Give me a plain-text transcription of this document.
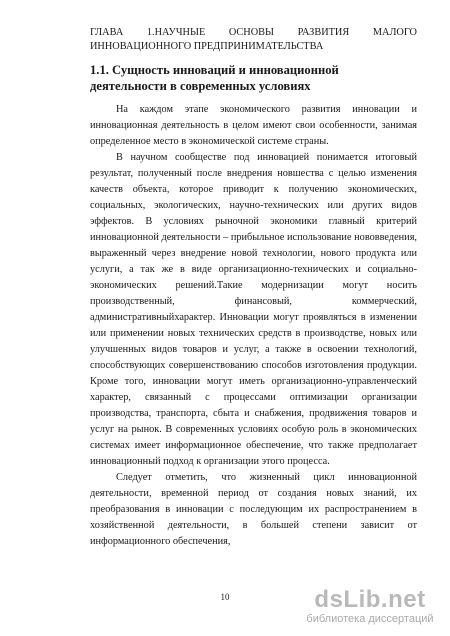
ГЛАВА 1.НАУЧНЫЕ ОСНОВЫ РАЗВИТИЯ МАЛОГО
ИННОВАЦИОННОГО ПРЕДПРИНИМАТЕЛЬСТВА
1.1. Сущность инноваций и инновационной деятельности в современных условиях

На каждом этапе экономического развития инновации и инновационная деятельность в целом имеют свои особенности, занимая определенное место в экономической системе страны.

В научном сообществе под инновацией понимается итоговый результат, полученный после внедрения новшества с целью изменения качеств объекта, которое приводит к получению экономических, социальных, экологических, научно-технических или других видов эффектов. В условиях рыночной экономики главный критерий инновационной деятельности – прибыльное использование нововведения, выраженный через внедрение новой технологии, нового продукта или услуги, а так же в виде организационно-технических и социально-экономических решений.Такие модернизации могут носить производственный, финансовый, коммерческий, административныйхарактер. Инновации могут проявляться в изменении или применении новых технических средств в производстве, новых или улучшенных видов товаров и услуг, а также в освоении технологий, способствующих совершенствованию способов изготовления продукции. Кроме того, инновации могут иметь организационно-управленческий характер, связанный с процессами оптимизации организации производства, транспорта, сбыта и снабжения, продвижения товаров и услуг на рынок. В современных условиях особую роль в экономических системах имеет информационное обеспечение, что также предполагает инновационный подход к организации этого процесса.

Следует отметить, что жизненный цикл инновационной деятельности, временной период от создания новых знаний, их преобразования в инновации с последующим их распространением в хозяйственной деятельности, в большей степени зависит от информационного обеспечения,

10	dsLib.net
библиотека диссертаций
